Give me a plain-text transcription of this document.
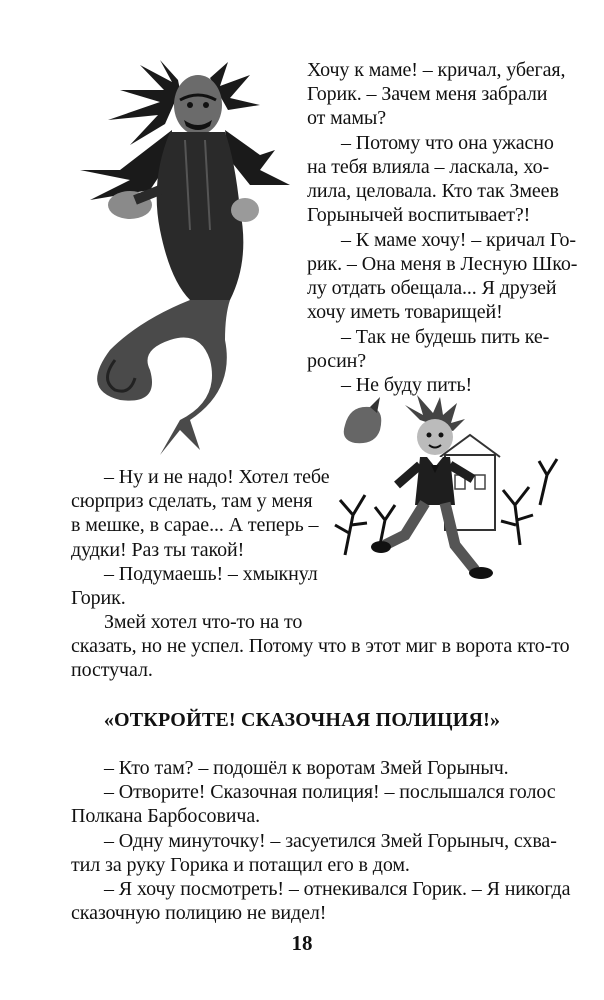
Хочу к маме! – кричал, убегая,
Горик. – Зачем меня забрали
от мамы?
– Потому что она ужасно
на тебя влияла – ласкала, хо-
лила, целовала. Кто так Змеев
Горынычей воспитывает?!
– К маме хочу! – кричал Го-
рик. – Она меня в Лесную Шко-
лу отдать обещала... Я друзей
хочу иметь товарищей!
– Так не будешь пить ке-
росин?
– Не буду пить!
– Ну и не надо! Хотел тебе
сюрприз сделать, там у меня
в мешке, в сарае... А теперь –
дудки! Раз ты такой!
– Подумаешь! – хмыкнул
Горик.
Змей хотел что-то на то
сказать, но не успел. Потому что в этот миг в ворота кто-то
постучал.
«ОТКРОЙТЕ! СКАЗОЧНАЯ ПОЛИЦИЯ!»
– Кто там? – подошёл к воротам Змей Горыныч.
– Отворите! Сказочная полиция! – послышался голос
Полкана Барбосовича.
– Одну минуточку! – засуетился Змей Горыныч, схва-
тил за руку Горика и потащил его в дом.
– Я хочу посмотреть! – отнекивался Горик. – Я никогда
сказочную полицию не видел!
18
